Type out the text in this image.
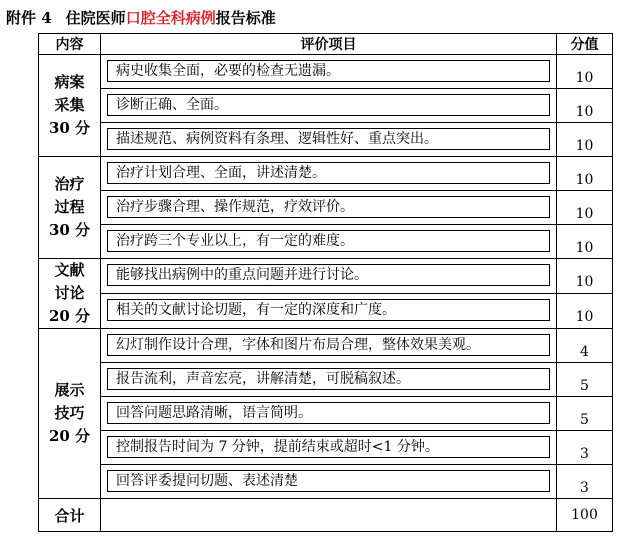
附件 4 住院医师口腔全科病例报告标准
内容	评价项目	分值

病案
采集
30 分	病史收集全面，必要的检查无遗漏。	10

	诊断正确、全面。	10

	描述规范、病例资料有条理、逻辑性好、重点突出。	10

治疗
过程
30 分	治疗计划合理、全面，讲述清楚。	10

	治疗步骤合理、操作规范，疗效评价。	10

	治疗跨三个专业以上，有一定的难度。	10

文献
讨论
20 分	能够找出病例中的重点问题并进行讨论。	10

	相关的文献讨论切题，有一定的深度和广度。	10

展示
技巧
20 分	幻灯制作设计合理，字体和图片布局合理，整体效果美观。	4

	报告流利，声音宏亮，讲解清楚，可脱稿叙述。	5

	回答问题思路清晰，语言简明。	5

	控制报告时间为 7 分钟，提前结束或超时<1 分钟。	3

	回答评委提问切题、表述清楚	3
合计		100
